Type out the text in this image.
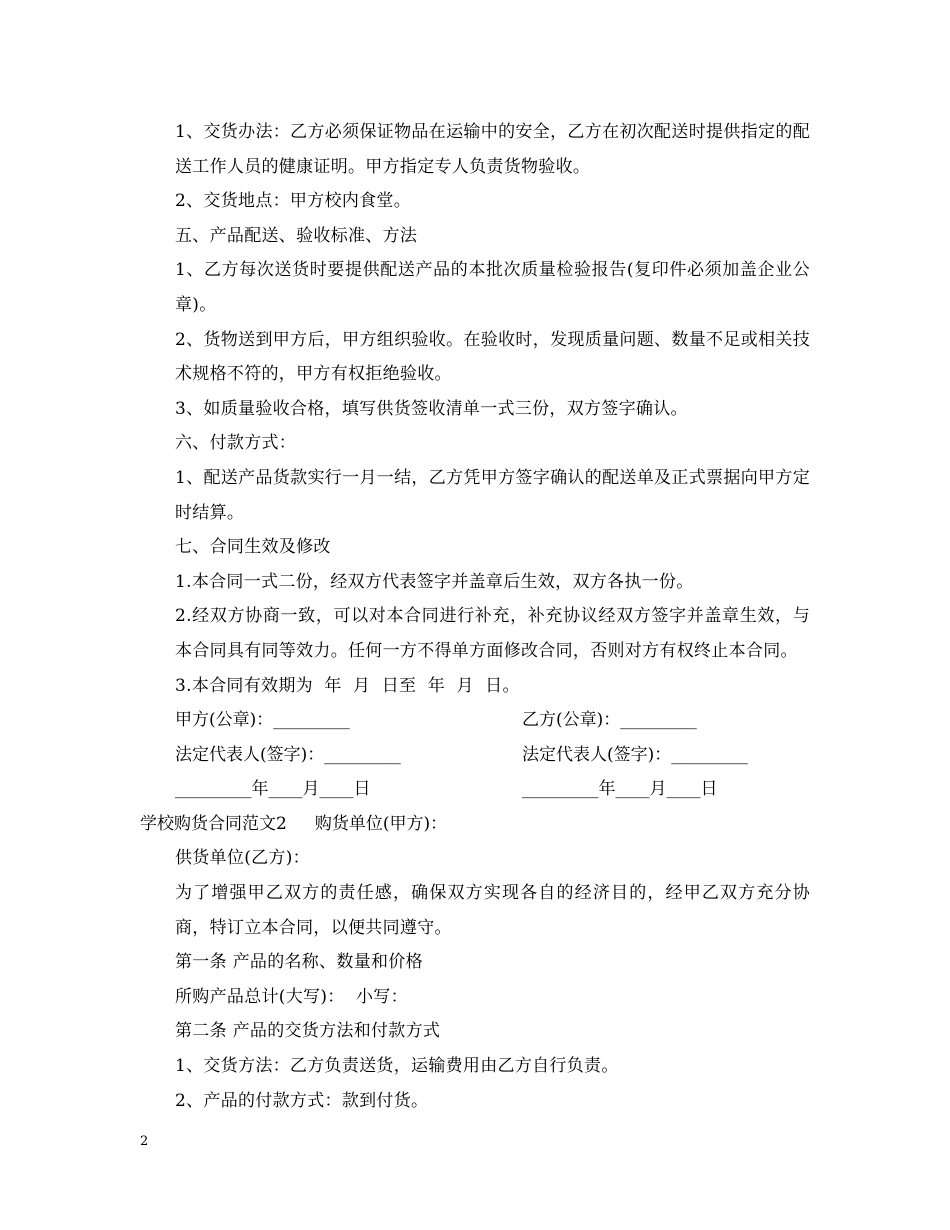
1、交货办法：乙方必须保证物品在运输中的安全，乙方在初次配送时提供指定的配送工作人员的健康证明。甲方指定专人负责货物验收。
2、交货地点：甲方校内食堂。
五、产品配送、验收标准、方法
1、乙方每次送货时要提供配送产品的本批次质量检验报告(复印件必须加盖企业公章)。
2、货物送到甲方后，甲方组织验收。在验收时，发现质量问题、数量不足或相关技术规格不符的，甲方有权拒绝验收。
3、如质量验收合格，填写供货签收清单一式三份，双方签字确认。
六、付款方式：
1、配送产品货款实行一月一结，乙方凭甲方签字确认的配送单及正式票据向甲方定时结算。
七、合同生效及修改
1.本合同一式二份，经双方代表签字并盖章后生效，双方各执一份。
2.经双方协商一致，可以对本合同进行补充，补充协议经双方签字并盖章生效，与本合同具有同等效力。任何一方不得单方面修改合同，否则对方有权终止本合同。
3.本合同有效期为  年  月  日至  年  月  日。
甲方(公章)：_________	乙方(公章)：_________
法定代表人(签字)：_________	法定代表人(签字)：_________
_________年____月____日	_________年____月____日
学校购货合同范文2 购货单位(甲方)：
供货单位(乙方)：
为了增强甲乙双方的责任感，确保双方实现各自的经济目的，经甲乙双方充分协商，特订立本合同，以便共同遵守。
第一条 产品的名称、数量和价格
所购产品总计(大写)：  小写：
第二条 产品的交货方法和付款方式
1、交货方法：乙方负责送货，运输费用由乙方自行负责。
2、产品的付款方式：款到付货。
2
